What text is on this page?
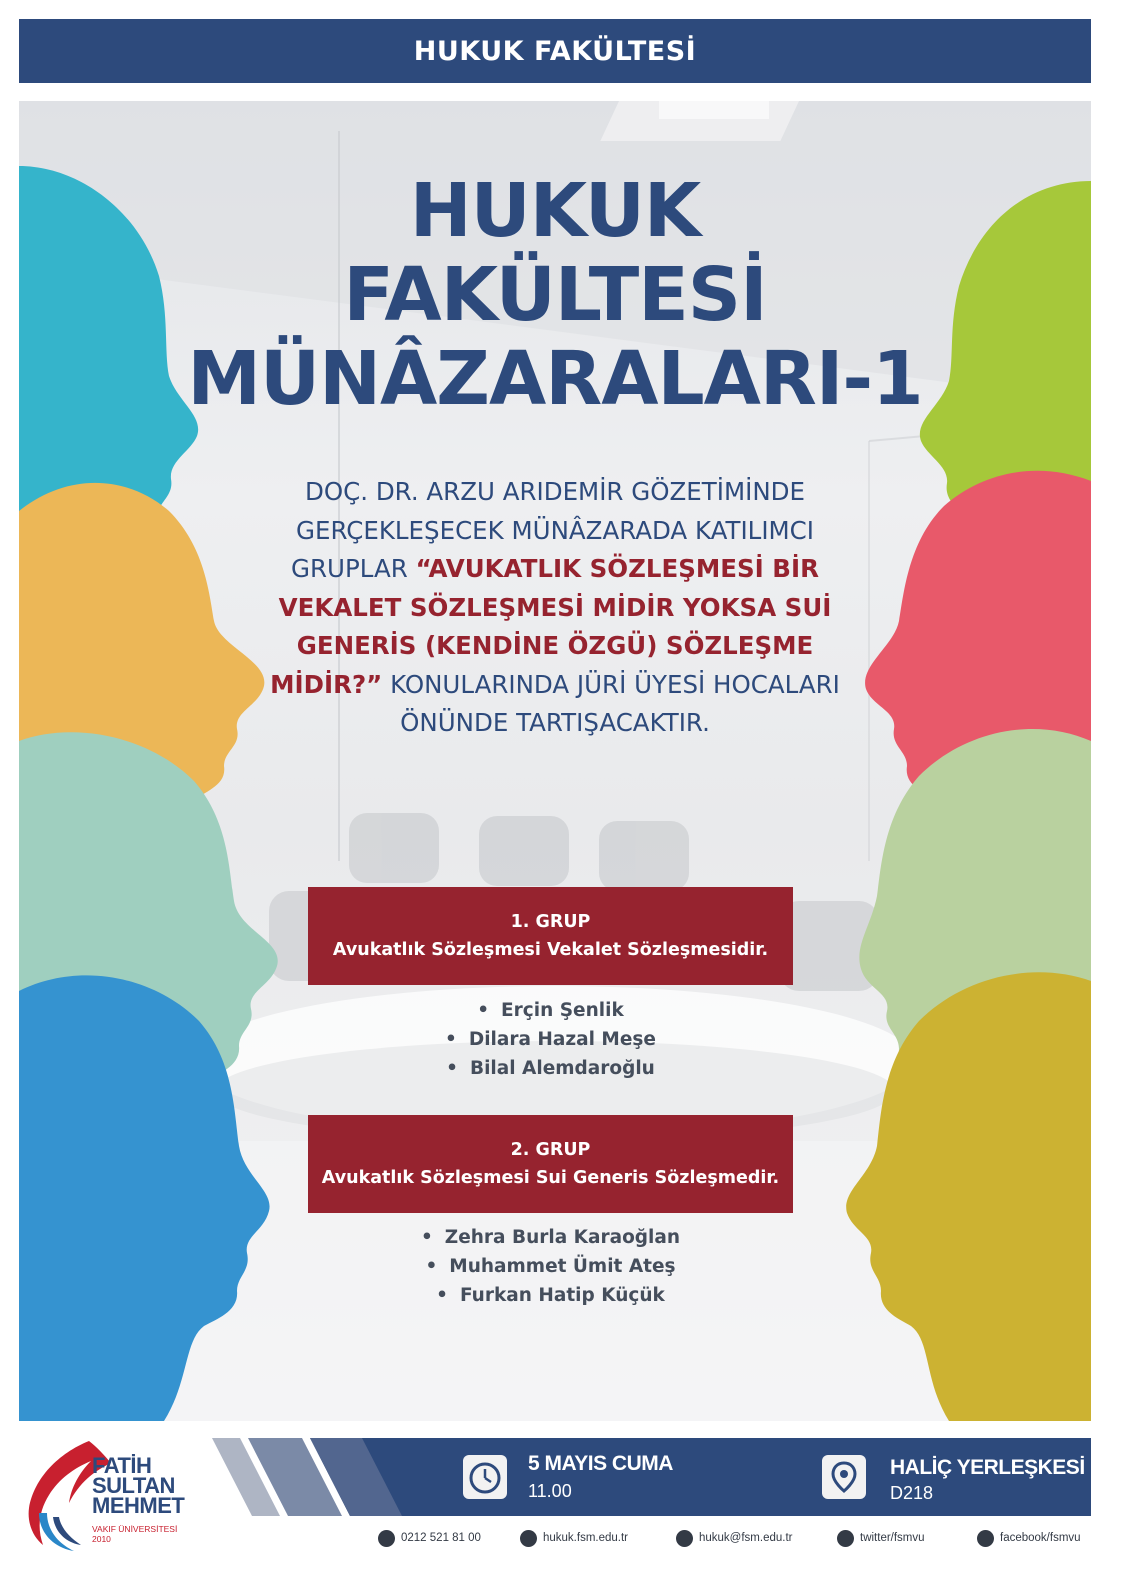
HUKUK FAKÜLTESİ
HUKUK
FAKÜLTESİ
MÜNÂZARALARI-1
DOÇ. DR. ARZU ARIDEMİR GÖZETİMİNDE GERÇEKLEŞECEK MÜNÂZARADA KATILIMCI GRUPLAR “AVUKATLIK SÖZLEŞMESİ BİR VEKALET SÖZLEŞMESİ MİDİR YOKSA SUİ GENERİS (KENDİNE ÖZGÜ) SÖZLEŞME MİDİR?” KONULARINDA JÜRİ ÜYESİ HOCALARI ÖNÜNDE TARTIŞACAKTIR.
1. GRUP
Avukatlık Sözleşmesi Vekalet Sözleşmesidir.
• Erçin Şenlik
• Dilara Hazal Meşe
• Bilal Alemdaroğlu
2. GRUP
Avukatlık Sözleşmesi Sui Generis Sözleşmedir.
• Zehra Burla Karaoğlan
• Muhammet Ümit Ateş
• Furkan Hatip Küçük
FATİH
SULTAN
MEHMET
VAKIF ÜNİVERSİTESİ
2010
5 MAYIS CUMA
11.00
HALİÇ YERLEŞKESİ
D218
0212 521 81 00	hukuk.fsm.edu.tr	hukuk@fsm.edu.tr	twitter/fsmvu	facebook/fsmvu
